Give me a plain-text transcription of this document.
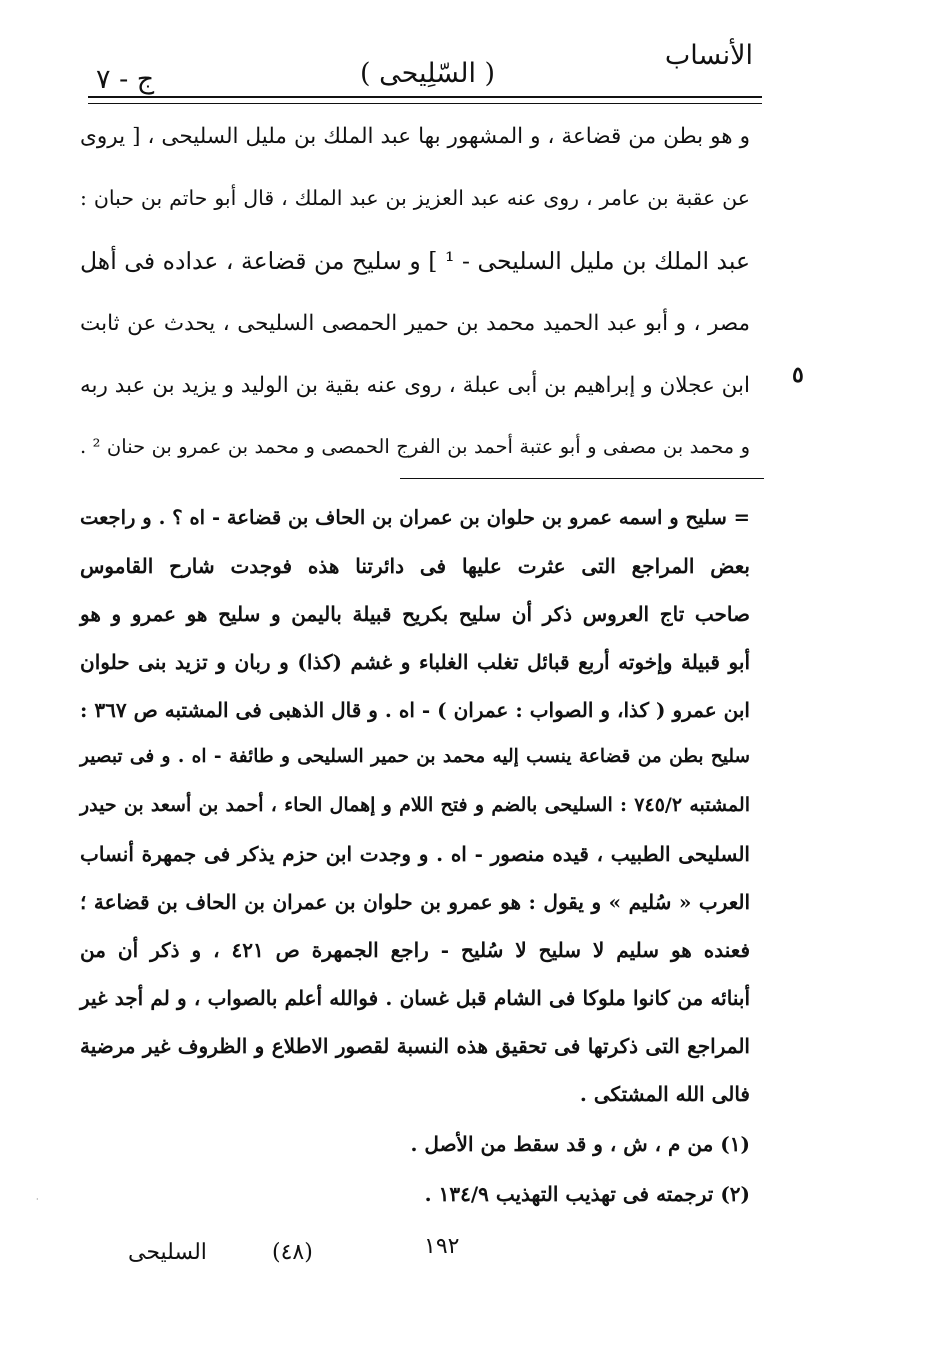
الأنساب
( السّلِيحى )
ج - ٧
و هو بطن من قضاعة ، و المشهور بها عبد الملك بن مليل السليحى ، [ يروى
عن عقبة بن عامر ، روى عنه عبد العزيز بن عبد الملك ، قال أبو حاتم بن حبان :
عبد الملك بن مليل السليحى - ¹ ] و سليح من قضاعة ، عداده فى أهل
مصر ، و أبو عبد الحميد محمد بن حمير الحمصى السليحى ، يحدث عن ثابت
ابن عجلان و إبراهيم بن أبى عبلة ، روى عنه بقية بن الوليد و يزيد بن عبد ربه
و محمد بن مصفى و أبو عتبة أحمد بن الفرج الحمصى و محمد بن عمرو بن حنان ² .
٥
= سليح و اسمه عمرو بن حلوان بن عمران بن الحاف بن قضاعة - اه ؟ . و راجعت
بعض المراجع التى عثرت عليها فى دائرتنا هذه فوجدت شارح القاموس
صاحب تاج العروس ذكر أن سليح بكريح قبيلة باليمن و سليح هو عمرو و هو
أبو قبيلة وإخوته أربع قبائل تغلب الغلباء و غشم (كذا) و ربان و تزيد بنى حلوان
ابن عمرو ( كذا، و الصواب : عمران ) - اه . و قال الذهبى فى المشتبه ص ٣٦٧ :
سليح بطن من قضاعة ينسب إليه محمد بن حمير السليحى و طائفة - اه . و فى تبصير
المشتبه ٧٤٥/٢ : السليحى بالضم و فتح اللام و إهمال الحاء ، أحمد بن أسعد بن حيدر
السليحى الطبيب ، قيده منصور - اه . و وجدت ابن حزم يذكر فى جمهرة أنساب
العرب « سُليم » و يقول : هو عمرو بن حلوان بن عمران بن الحاف بن قضاعة ؛
فعنده هو سليم لا سليح لا سُليح - راجع الجمهرة ص ٤٢١ ، و ذكر أن من
أبنائه من كانوا ملوكا فى الشام قبل غسان . فوالله أعلم بالصواب ، و لم أجد غير
المراجع التى ذكرتها فى تحقيق هذه النسبة لقصور الاطلاع و الظروف غير مرضية
فالى الله المشتكى .
(١) من م ، ش ، و قد سقط من الأصل .
(٢) ترجمته فى تهذيب التهذيب ١٣٤/٩ .
السليحى	(٤٨)	١٩٢
·
